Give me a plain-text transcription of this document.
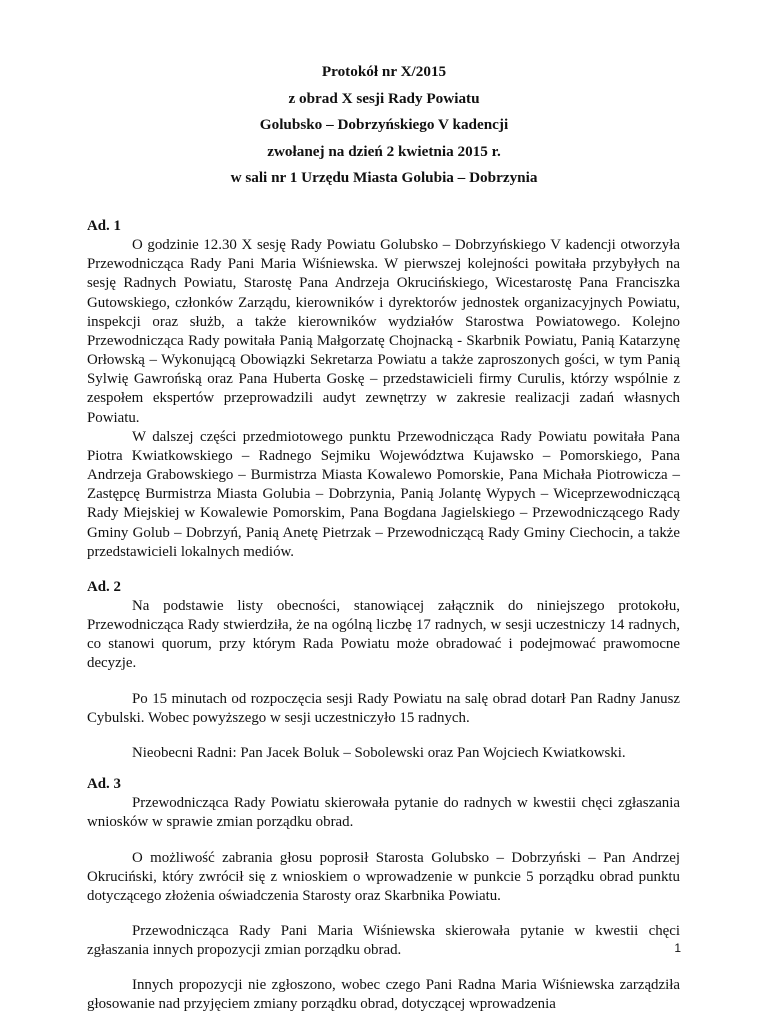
Protokół nr X/2015
z obrad X sesji Rady Powiatu
Golubsko – Dobrzyńskiego V kadencji
zwołanej na dzień 2 kwietnia 2015 r.
w sali nr 1 Urzędu Miasta Golubia – Dobrzynia

Ad. 1

O godzinie 12.30 X sesję Rady Powiatu Golubsko – Dobrzyńskiego V kadencji otworzyła Przewodnicząca Rady Pani Maria Wiśniewska. W pierwszej kolejności powitała przybyłych na sesję Radnych Powiatu, Starostę Pana Andrzeja Okrucińskiego, Wicestarostę Pana Franciszka Gutowskiego, członków Zarządu, kierowników i dyrektorów jednostek organizacyjnych Powiatu, inspekcji oraz służb, a także kierowników wydziałów Starostwa Powiatowego. Kolejno Przewodnicząca Rady powitała Panią Małgorzatę Chojnacką - Skarbnik Powiatu, Panią Katarzynę Orłowską – Wykonującą Obowiązki Sekretarza Powiatu a także zaproszonych gości, w tym Panią Sylwię Gawrońską oraz Pana Huberta Goskę – przedstawicieli firmy Curulis, którzy wspólnie z zespołem ekspertów przeprowadzili audyt zewnętrzy w zakresie realizacji zadań własnych Powiatu.

W dalszej części przedmiotowego punktu Przewodnicząca Rady Powiatu powitała Pana Piotra Kwiatkowskiego – Radnego Sejmiku Województwa Kujawsko – Pomorskiego, Pana Andrzeja Grabowskiego – Burmistrza Miasta Kowalewo Pomorskie, Pana Michała Piotrowicza – Zastępcę Burmistrza Miasta Golubia – Dobrzynia, Panią Jolantę Wypych – Wiceprzewodniczącą Rady Miejskiej w Kowalewie Pomorskim, Pana Bogdana Jagielskiego – Przewodniczącego Rady Gminy Golub – Dobrzyń, Panią Anetę Pietrzak – Przewodniczącą Rady Gminy Ciechocin, a także przedstawicieli lokalnych mediów.

Ad. 2

Na podstawie listy obecności, stanowiącej załącznik do niniejszego protokołu, Przewodnicząca Rady stwierdziła, że na ogólną liczbę 17 radnych, w sesji uczestniczy 14 radnych, co stanowi quorum, przy którym Rada Powiatu może obradować i podejmować prawomocne decyzje.

Po 15 minutach od rozpoczęcia sesji Rady Powiatu na salę obrad dotarł Pan Radny Janusz Cybulski. Wobec powyższego w sesji uczestniczyło 15 radnych.

Nieobecni Radni: Pan Jacek Boluk – Sobolewski oraz Pan Wojciech Kwiatkowski.

Ad. 3

Przewodnicząca Rady Powiatu skierowała pytanie do radnych w kwestii chęci zgłaszania wniosków w sprawie zmian porządku obrad.

O możliwość zabrania głosu poprosił Starosta Golubsko – Dobrzyński – Pan Andrzej Okruciński, który zwrócił się z wnioskiem o wprowadzenie w punkcie 5 porządku obrad punktu dotyczącego złożenia oświadczenia Starosty oraz Skarbnika Powiatu.

Przewodnicząca Rady Pani Maria Wiśniewska skierowała pytanie w kwestii chęci zgłaszania innych propozycji zmian porządku obrad.

Innych propozycji nie zgłoszono, wobec czego Pani Radna Maria Wiśniewska zarządziła głosowanie nad przyjęciem zmiany porządku obrad, dotyczącej wprowadzenia

1
